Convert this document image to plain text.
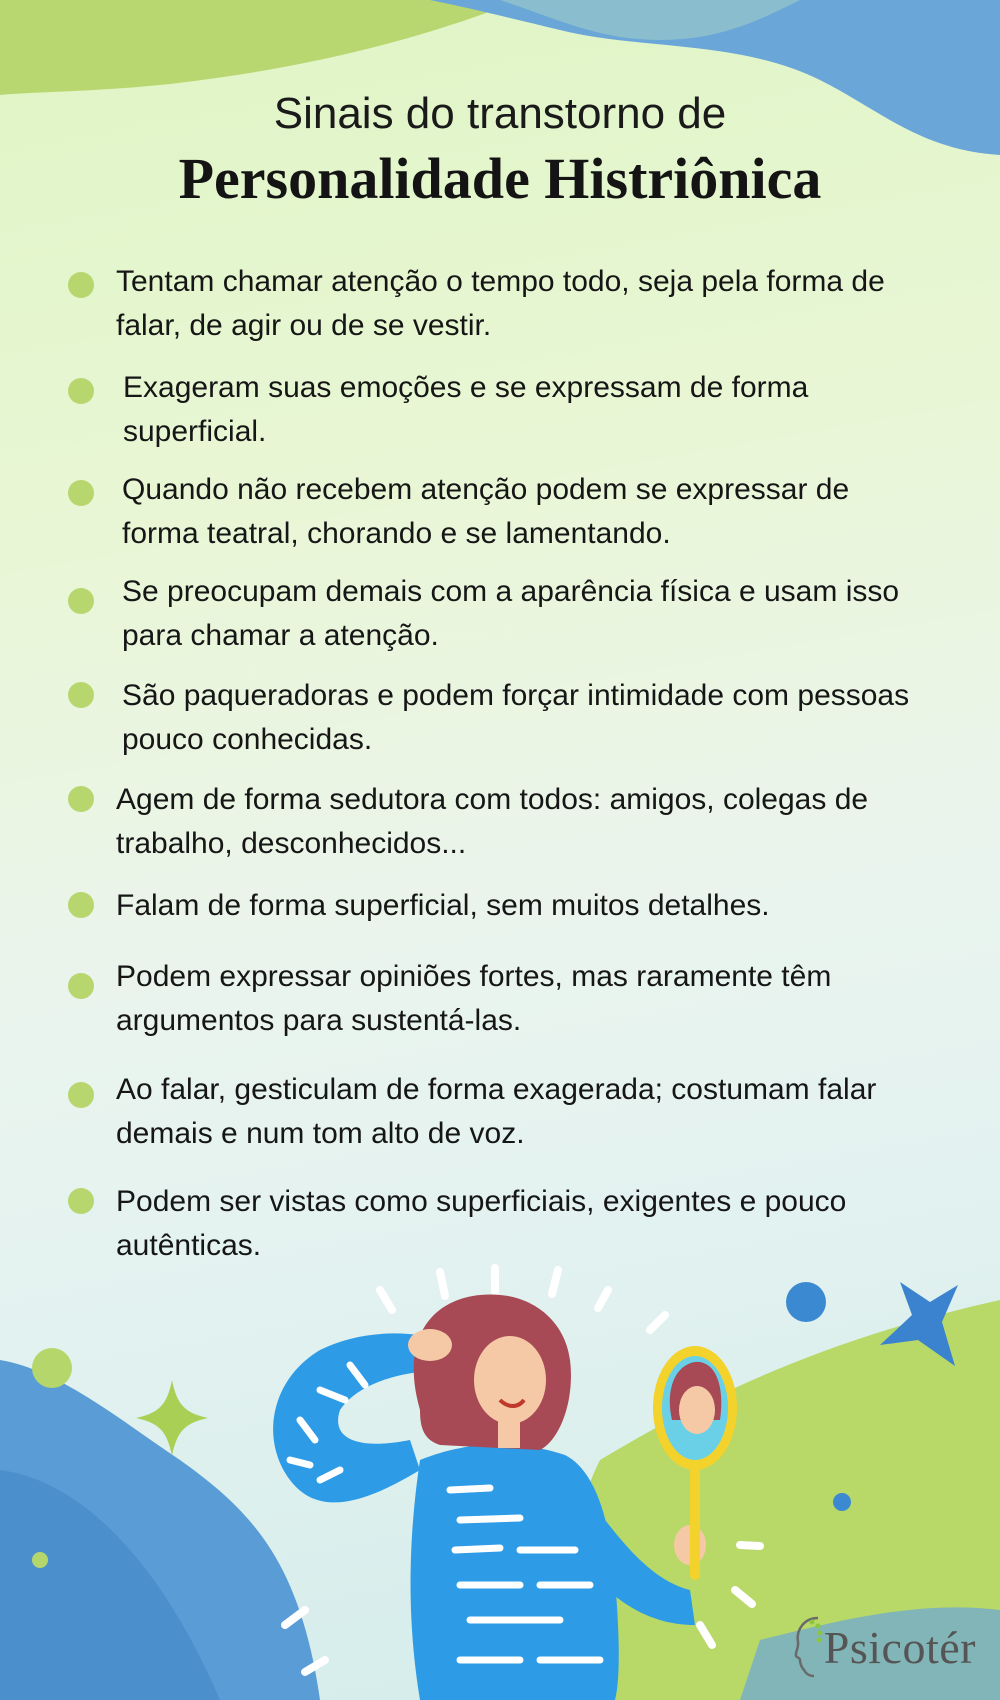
Sinais do transtorno de
Personalidade Histriônica
Tentam chamar atenção o tempo todo, seja pela forma de falar, de agir ou de se vestir.
Exageram suas emoções e se expressam de forma superficial.
Quando não recebem atenção podem se expressar de forma teatral, chorando e se lamentando.
Se preocupam demais com a aparência física e usam isso para chamar a atenção.
São paqueradoras e podem forçar intimidade com pessoas pouco conhecidas.
Agem de forma sedutora com todos: amigos, colegas de trabalho, desconhecidos...
Falam de forma superficial, sem muitos detalhes.
Podem expressar opiniões fortes, mas raramente têm argumentos para sustentá-las.
Ao falar, gesticulam de forma exagerada; costumam falar demais e num tom alto de voz.
Podem ser vistas como superficiais, exigentes e pouco autênticas.
Psicotér
